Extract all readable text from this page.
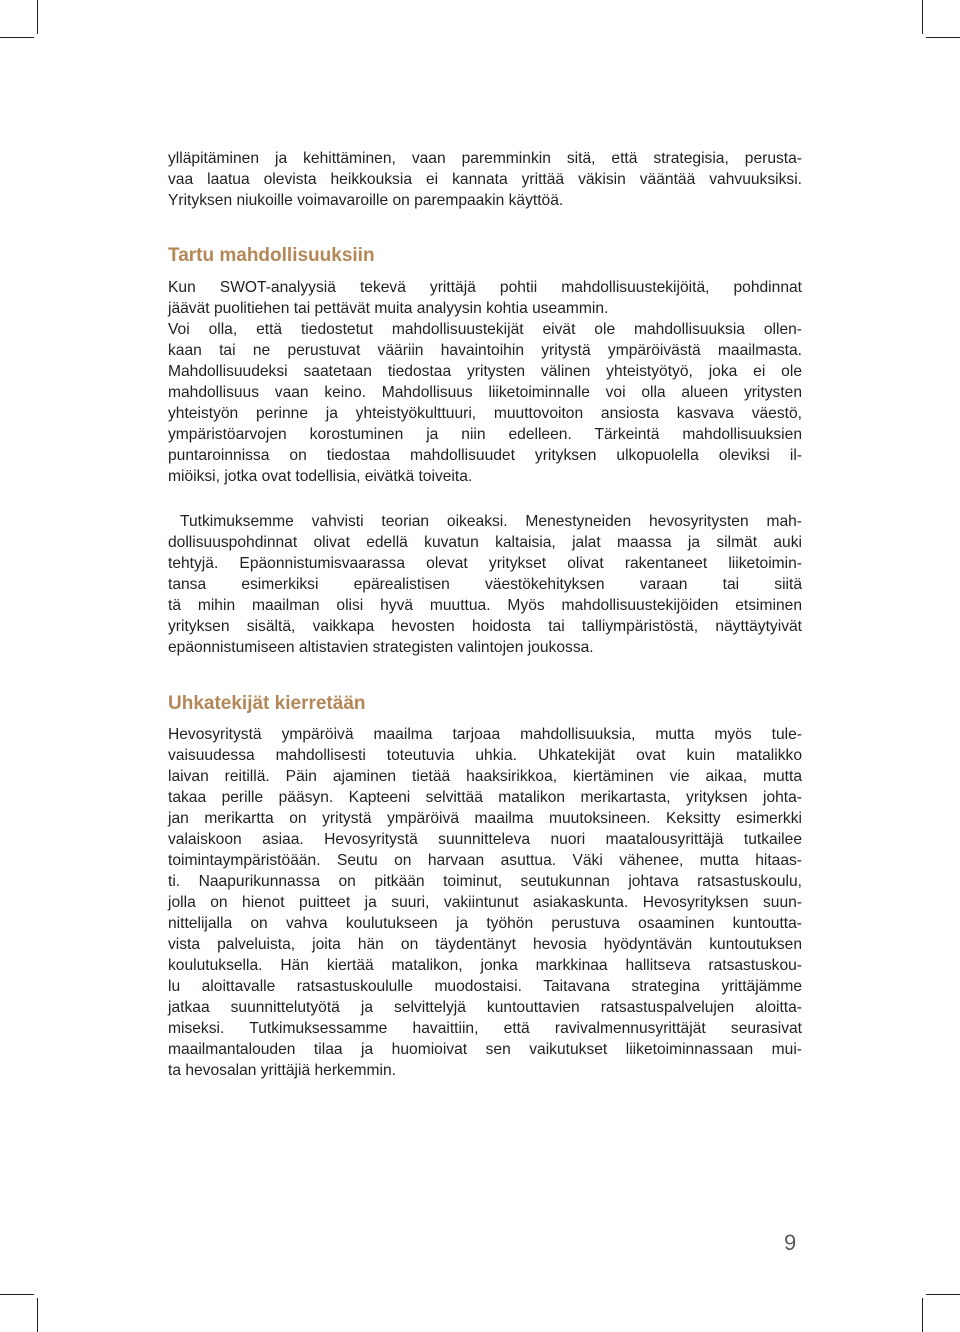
ylläpitäminen ja kehittäminen, vaan paremminkin sitä, että strategisia, perusta-
vaa laatua olevista heikkouksia ei kannata yrittää väkisin vääntää vahvuuksiksi.
Yrityksen niukoille voimavaroille on parempaakin käyttöä.
Tartu mahdollisuuksiin
Kun SWOT-analyysiä tekevä yrittäjä pohtii mahdollisuustekijöitä, pohdinnat
jäävät puolitiehen tai pettävät muita analyysin kohtia useammin.
Voi olla, että tiedostetut mahdollisuustekijät eivät ole mahdollisuuksia ollen-
kaan tai ne perustuvat vääriin havaintoihin yritystä ympäröivästä maailmasta.
Mahdollisuudeksi saatetaan tiedostaa yritysten välinen yhteistyötyö, joka ei ole
mahdollisuus vaan keino. Mahdollisuus liiketoiminnalle voi olla alueen yritysten
yhteistyön perinne ja yhteistyökulttuuri, muuttovoiton ansiosta kasvava väestö,
ympäristöarvojen korostuminen ja niin edelleen. Tärkeintä mahdollisuuksien
puntaroinnissa on tiedostaa mahdollisuudet yrityksen ulkopuolella oleviksi il-
miöiksi, jotka ovat todellisia, eivätkä toiveita.
Tutkimuksemme vahvisti teorian oikeaksi. Menestyneiden hevosyritysten mah-
dollisuuspohdinnat olivat edellä kuvatun kaltaisia, jalat maassa ja silmät auki
tehtyjä. Epäonnistumisvaarassa olevat yritykset olivat rakentaneet liiketoimin-
tansa esimerkiksi epärealistisen väestökehityksen varaan tai siitä
tä mihin maailman olisi hyvä muuttua. Myös mahdollisuustekijöiden etsiminen
yrityksen sisältä, vaikkapa hevosten hoidosta tai talliympäristöstä, näyttäytyivät
epäonnistumiseen altistavien strategisten valintojen joukossa.
Uhkatekijät kierretään
Hevosyritystä ympäröivä maailma tarjoaa mahdollisuuksia, mutta myös tule-
vaisuudessa mahdollisesti toteutuvia uhkia. Uhkatekijät ovat kuin matalikko
laivan reitillä. Päin ajaminen tietää haaksirikkoa, kiertäminen vie aikaa, mutta
takaa perille pääsyn. Kapteeni selvittää matalikon merikartasta, yrityksen johta-
jan merikartta on yritystä ympäröivä maailma muutoksineen. Keksitty esimerkki
valaiskoon asiaa. Hevosyritystä suunnitteleva nuori maatalousyrittäjä tutkailee
toimintaympäristöään. Seutu on harvaan asuttua. Väki vähenee, mutta hitaas-
ti. Naapurikunnassa on pitkään toiminut, seutukunnan johtava ratsastuskoulu,
jolla on hienot puitteet ja suuri, vakiintunut asiakaskunta. Hevosyrityksen suun-
nittelijalla on vahva koulutukseen ja työhön perustuva osaaminen kuntoutta-
vista palveluista, joita hän on täydentänyt hevosia hyödyntävän kuntoutuksen
koulutuksella. Hän kiertää matalikon, jonka markkinaa hallitseva ratsastuskou-
lu aloittavalle ratsastuskoululle muodostaisi. Taitavana strategina yrittäjämme
jatkaa suunnittelutyötä ja selvittelyjä kuntouttavien ratsastuspalvelujen aloitta-
miseksi. Tutkimuksessamme havaittiin, että ravivalmennusyrittäjät seurasivat
maailmantalouden tilaa ja huomioivat sen vaikutukset liiketoiminnassaan mui-
ta hevosalan yrittäjiä herkemmin.
9
